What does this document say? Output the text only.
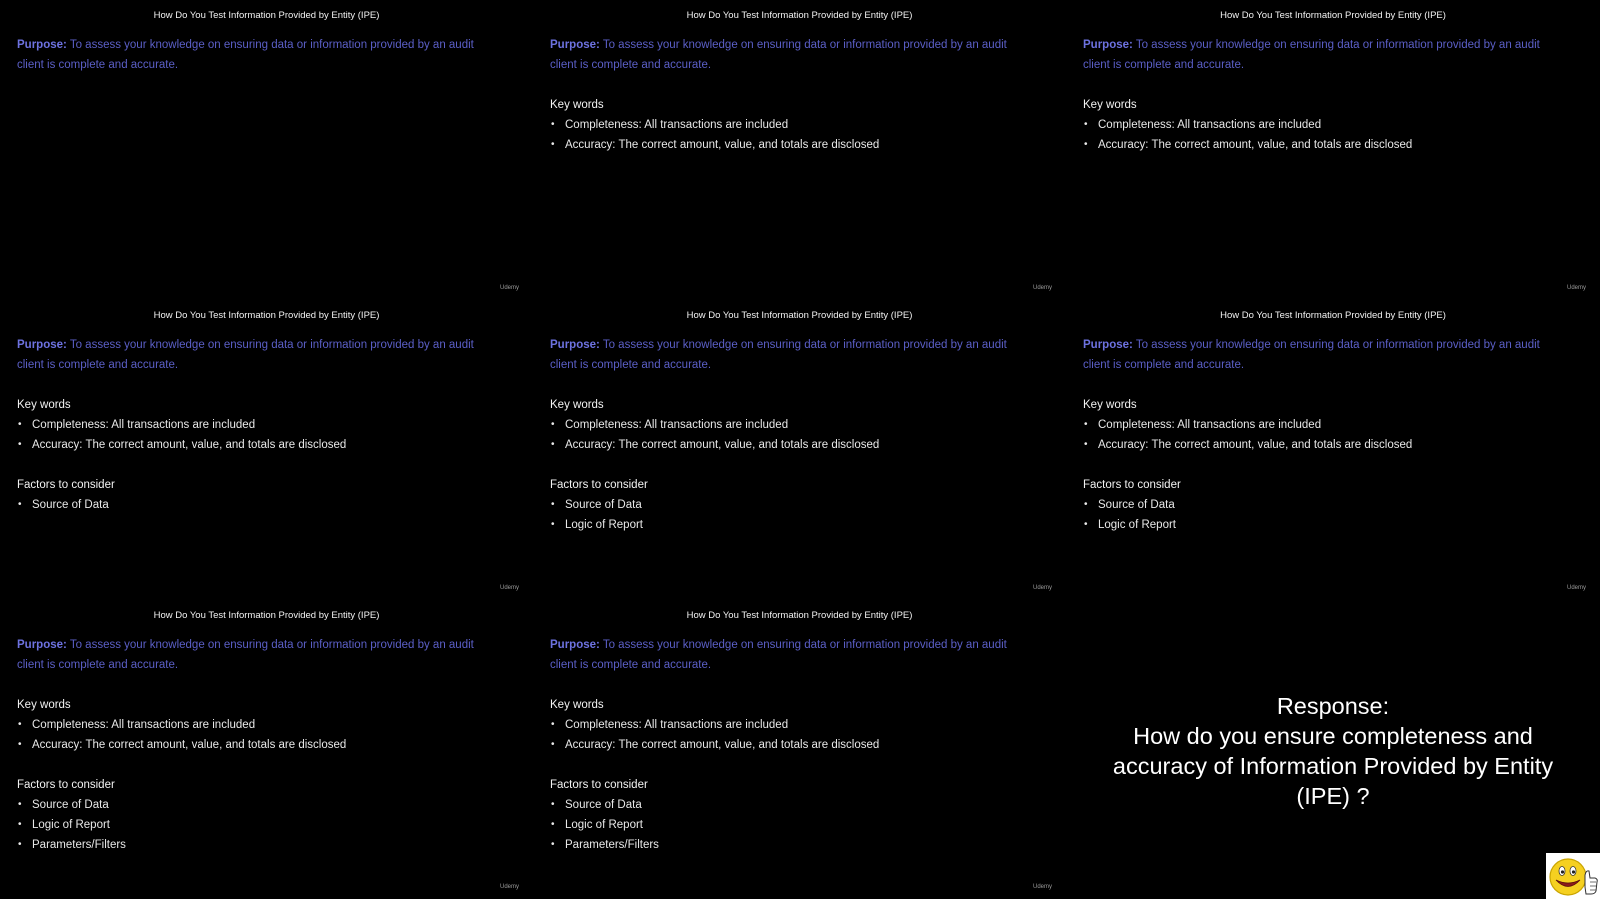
How Do You Test Information Provided by Entity (IPE)
Purpose: To assess your knowledge on ensuring data or information provided by an audit client is complete and accurate.
Udemy
How Do You Test Information Provided by Entity (IPE)
Purpose: To assess your knowledge on ensuring data or information provided by an audit client is complete and accurate.
Key words
• Completeness: All transactions are included
• Accuracy: The correct amount, value, and totals are disclosed
Udemy
How Do You Test Information Provided by Entity (IPE)
Purpose: To assess your knowledge on ensuring data or information provided by an audit client is complete and accurate.
Key words
• Completeness: All transactions are included
• Accuracy: The correct amount, value, and totals are disclosed
Udemy
How Do You Test Information Provided by Entity (IPE)
Purpose: To assess your knowledge on ensuring data or information provided by an audit client is complete and accurate.
Key words
• Completeness: All transactions are included
• Accuracy: The correct amount, value, and totals are disclosed
Factors to consider
• Source of Data
Udemy
How Do You Test Information Provided by Entity (IPE)
Purpose: To assess your knowledge on ensuring data or information provided by an audit client is complete and accurate.
Key words
• Completeness: All transactions are included
• Accuracy: The correct amount, value, and totals are disclosed
Factors to consider
• Source of Data
• Logic of Report
Udemy
How Do You Test Information Provided by Entity (IPE)
Purpose: To assess your knowledge on ensuring data or information provided by an audit client is complete and accurate.
Key words
• Completeness: All transactions are included
• Accuracy: The correct amount, value, and totals are disclosed
Factors to consider
• Source of Data
• Logic of Report
Udemy
How Do You Test Information Provided by Entity (IPE)
Purpose: To assess your knowledge on ensuring data or information provided by an audit client is complete and accurate.
Key words
• Completeness: All transactions are included
• Accuracy: The correct amount, value, and totals are disclosed
Factors to consider
• Source of Data
• Logic of Report
• Parameters/Filters
Udemy
How Do You Test Information Provided by Entity (IPE)
Purpose: To assess your knowledge on ensuring data or information provided by an audit client is complete and accurate.
Key words
• Completeness: All transactions are included
• Accuracy: The correct amount, value, and totals are disclosed
Factors to consider
• Source of Data
• Logic of Report
• Parameters/Filters
Udemy
Response:
How do you ensure completeness and accuracy of Information Provided by Entity (IPE) ?
